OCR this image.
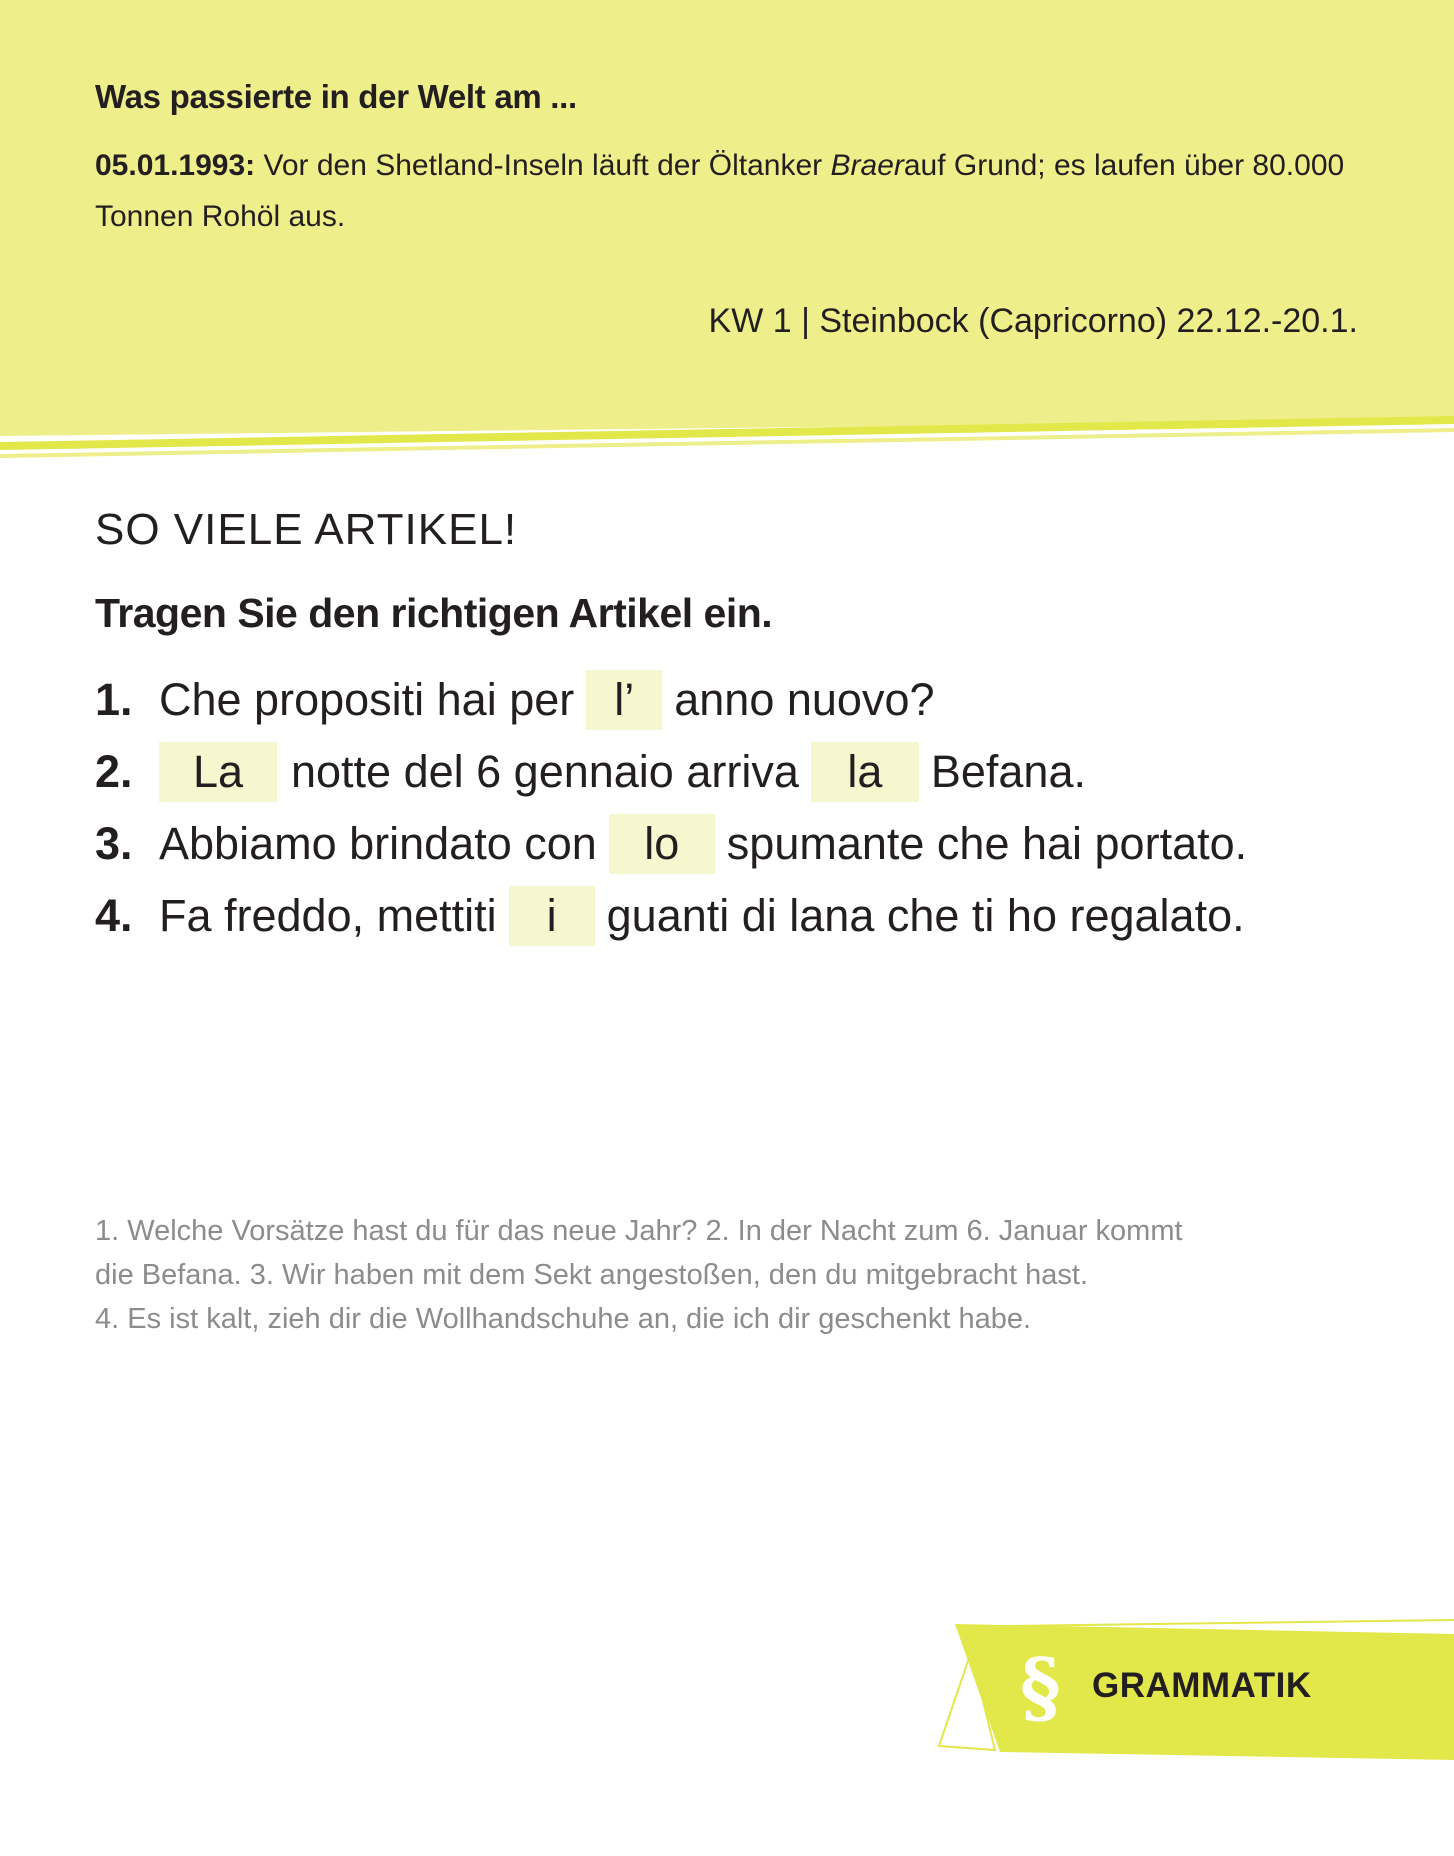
Was passierte in der Welt am ...

05.01.1993: Vor den Shetland-Inseln läuft der Öltanker Braerauf Grund; es laufen über 80.000 Tonnen Rohöl aus.

KW 1 | Steinbock (Capricorno) 22.12.-20.1.

SO VIELE ARTIKEL!
Tragen Sie den richtigen Artikel ein.
1. Che propositi hai per l’ anno nuovo?
2.	La	notte del 6 gennaio arriva	la	Befana.
3. Abbiamo brindato con	lo	spumante che hai portato.
4. Fa freddo, mettiti	i	guanti di lana che ti ho regalato.
1. Welche Vorsätze hast du für das neue Jahr? 2. In der Nacht zum 6. Januar kommt
die Befana. 3. Wir haben mit dem Sekt angestoßen, den du mitgebracht hast.
4. Es ist kalt, zieh dir die Wollhandschuhe an, die ich dir geschenkt habe.
§ GRAMMATIK
